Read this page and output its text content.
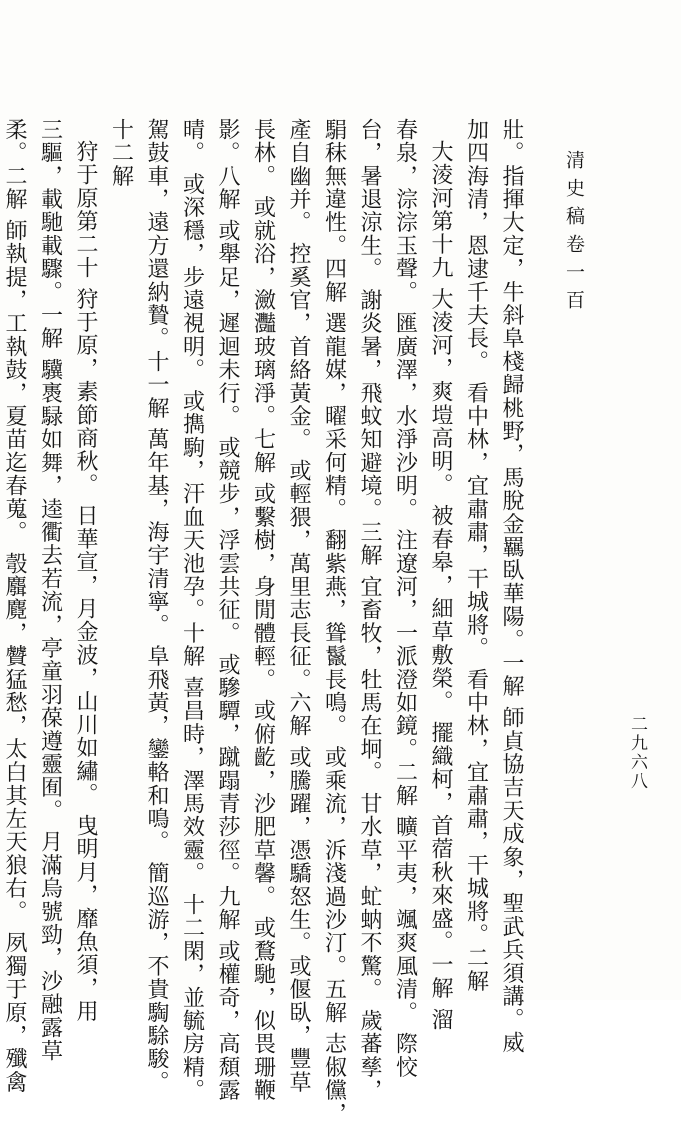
清史稿卷一百
二九六八
壯。指揮大定，牛斜阜棧歸桃野，馬脫金羈臥華陽。一解 師貞協吉天成象，聖武兵須講。威
加四海清，恩逮千夫長。 看中林，宜肅肅，干城將。 看中林，宜肅肅，干城將。二解
大淩河第十九 大淩河，爽塏高明。 被春皋，細草敷榮。 擺織柯，首蓿秋來盛。一解 溜
春泉，淙淙玉聲。 匯廣澤，水淨沙明。 注遼河，一派澄如鏡。二解 曠平夷，颯爽風清。 際恔
台，暑退涼生。 謝炎暑，飛蚊知避境。三解 宜畜牧，牡馬在坰。 甘水草，虻蚋不驚。 歲蕃孳，
駽秣無違性。四解 選龍媒，曜采何精。 翻紫燕，聳鬣長鳴。 或乘流，泝淺過沙汀。五解 志俶儻，
產自幽并。 控奚官，首絡黃金。 或輕猥，萬里志長征。六解 或騰躍，憑驕怒生。或偃臥，豐草
長林。 或就浴，瀲灩玻璃淨。七解 或繫樹，身閒體輕。 或俯齕，沙肥草馨。 或鶩馳，似畏珊鞭
影。八解 或舉足，遲迴未行。 或競步，浮雲共征。 或驂驔，蹴蹋青莎徑。九解 或權奇，高頹露
晴。 或深穩，步遠視明。 或擕駒，汗血天池孕。十解 喜昌時，澤馬效靈。 十二閑，並毓房精。
駕鼓車，遠方還納贄。十一解 萬年基，海宇清寧。 阜飛黃，鑾輅和鳴。 簡巡游，不貴騊駼駿。
十二解
狩于原第二十 狩于原，素節商秋。 日華宣，月金波，山川如繡。 曳明月，靡魚須，用
三驅，載馳載驟。一解 驥褭騄如舞，逵衢去若流，亭童羽葆遵靈囿。 月滿烏號勁，沙融露草
柔。二解 師執提，工執鼓，夏苗迄春蒐。 彀麛麑，贙猛愁，太白其左天狼右。 夙獨于原，殲禽
